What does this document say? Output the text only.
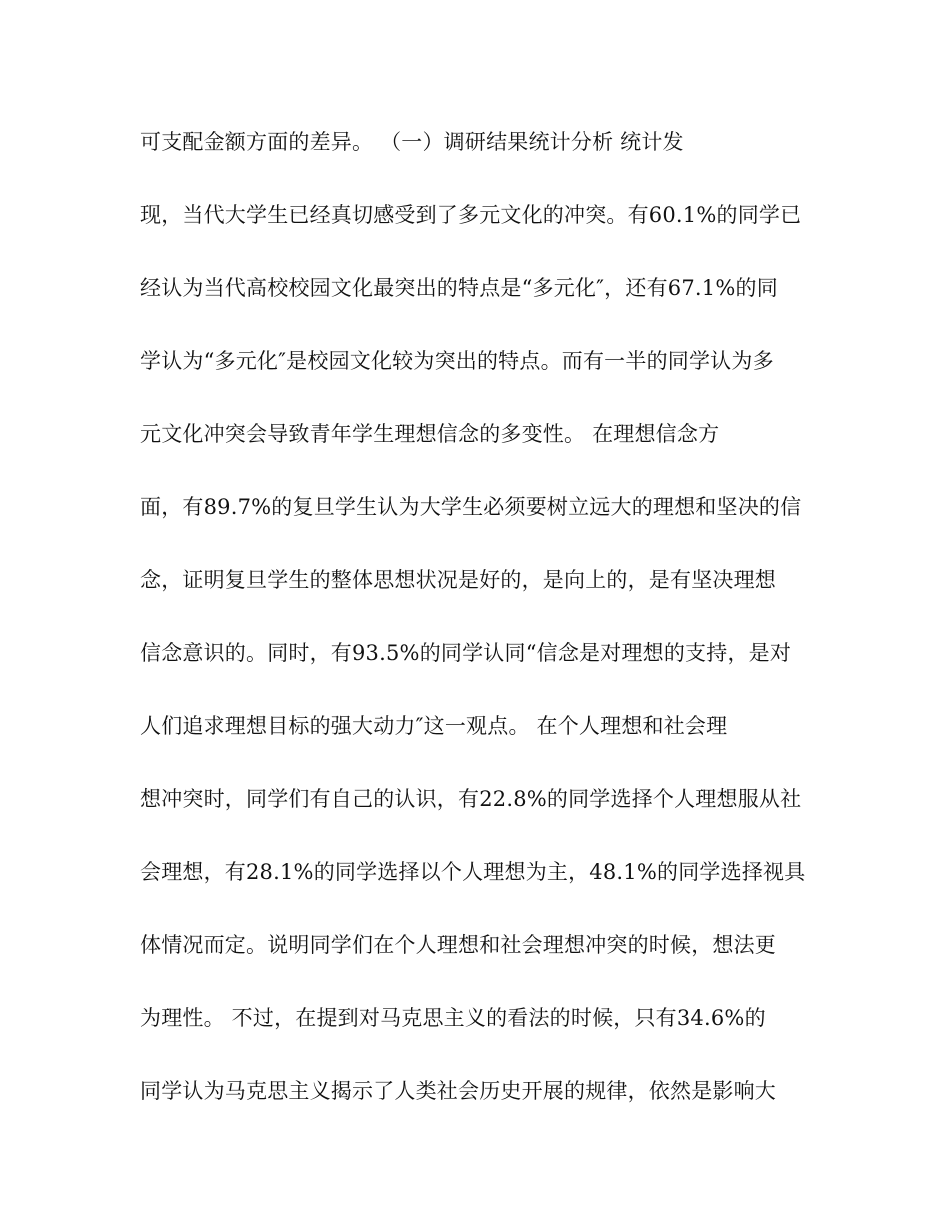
可支配金额方面的差异。 （一）调研结果统计分析 统计发
现，当代大学生已经真切感受到了多元文化的冲突。有60.1%的同学已
经认为当代高校校园文化最突出的特点是“多元化″，还有67.1%的同
学认为“多元化″是校园文化较为突出的特点。而有一半的同学认为多
元文化冲突会导致青年学生理想信念的多变性。 在理想信念方
面，有89.7%的复旦学生认为大学生必须要树立远大的理想和坚决的信
念，证明复旦学生的整体思想状况是好的，是向上的，是有坚决理想
信念意识的。同时，有93.5%的同学认同“信念是对理想的支持，是对
人们追求理想目标的强大动力″这一观点。 在个人理想和社会理
想冲突时，同学们有自己的认识，有22.8%的同学选择个人理想服从社
会理想，有28.1%的同学选择以个人理想为主，48.1%的同学选择视具
体情况而定。说明同学们在个人理想和社会理想冲突的时候，想法更
为理性。 不过，在提到对马克思主义的看法的时候，只有34.6%的
同学认为马克思主义揭示了人类社会历史开展的规律，依然是影响大
